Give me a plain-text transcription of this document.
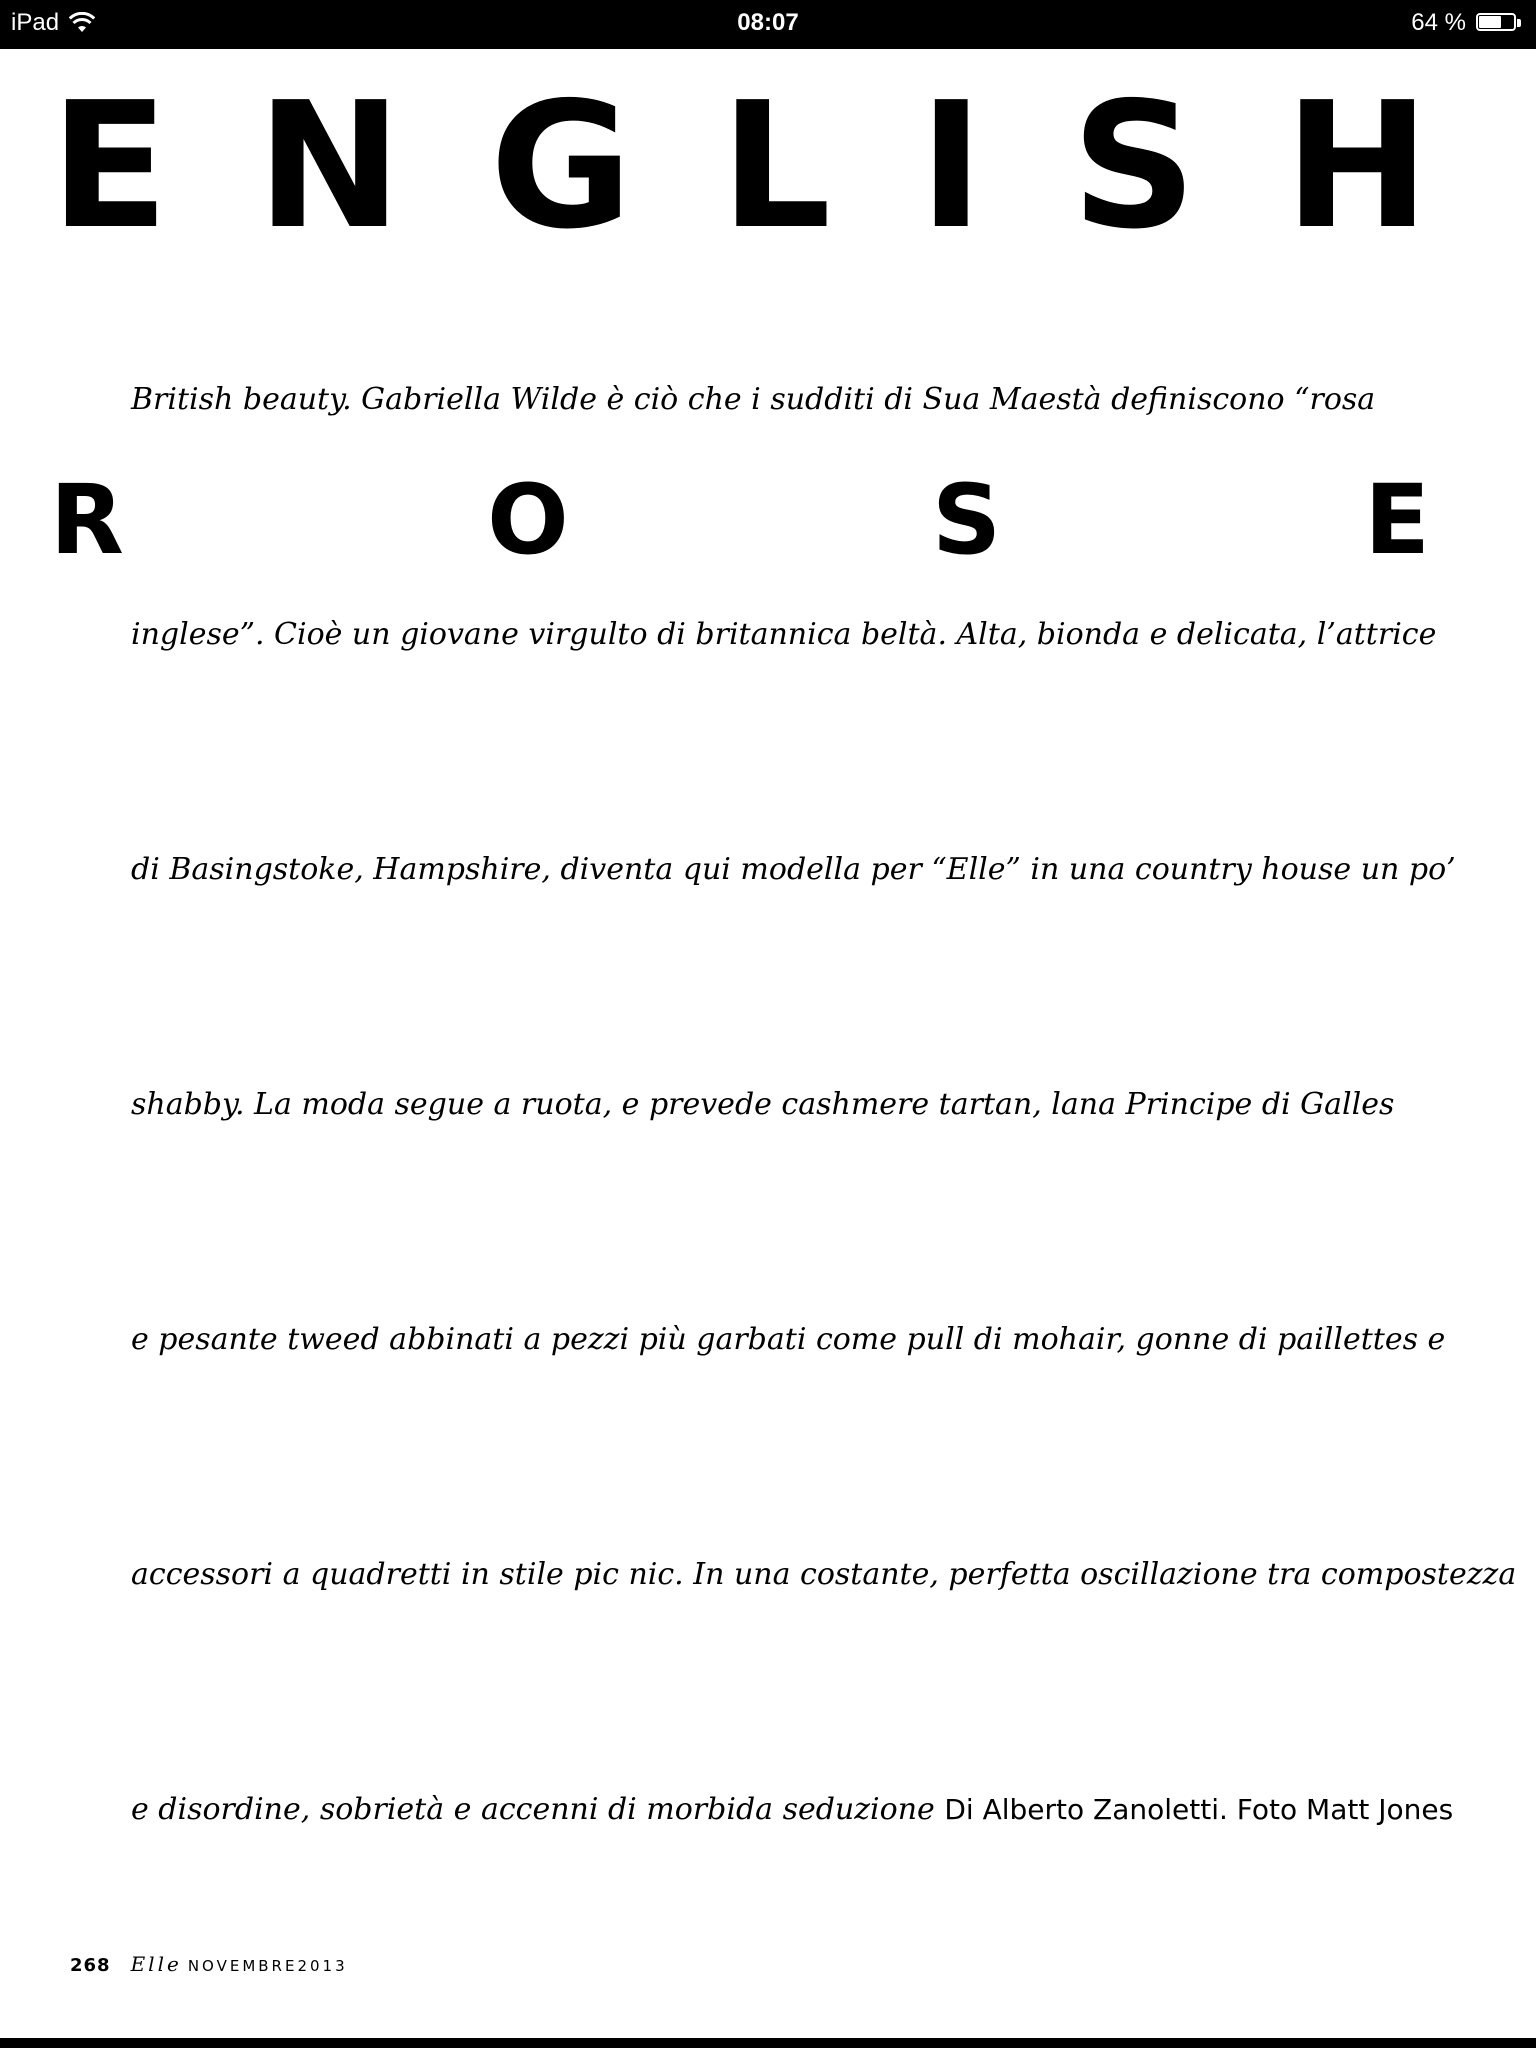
iPad	08:07	64 %
E N G L I S H
R	O	S	E
British beauty. Gabriella Wilde è ciò che i sudditi di Sua Maestà definiscono “rosa
inglese”. Cioè un giovane virgulto di britannica beltà. Alta, bionda e delicata, l’attrice
di Basingstoke, Hampshire, diventa qui modella per “Elle” in una country house un po’
shabby. La moda segue a ruota, e prevede cashmere tartan, lana Principe di Galles
e pesante tweed abbinati a pezzi più garbati come pull di mohair, gonne di paillettes e
accessori a quadretti in stile pic nic. In una costante, perfetta oscillazione tra compostezza
e disordine, sobrietà e accenni di morbida seduzione Di Alberto Zanoletti. Foto Matt Jones
268 Elle NOVEMBRE2013
